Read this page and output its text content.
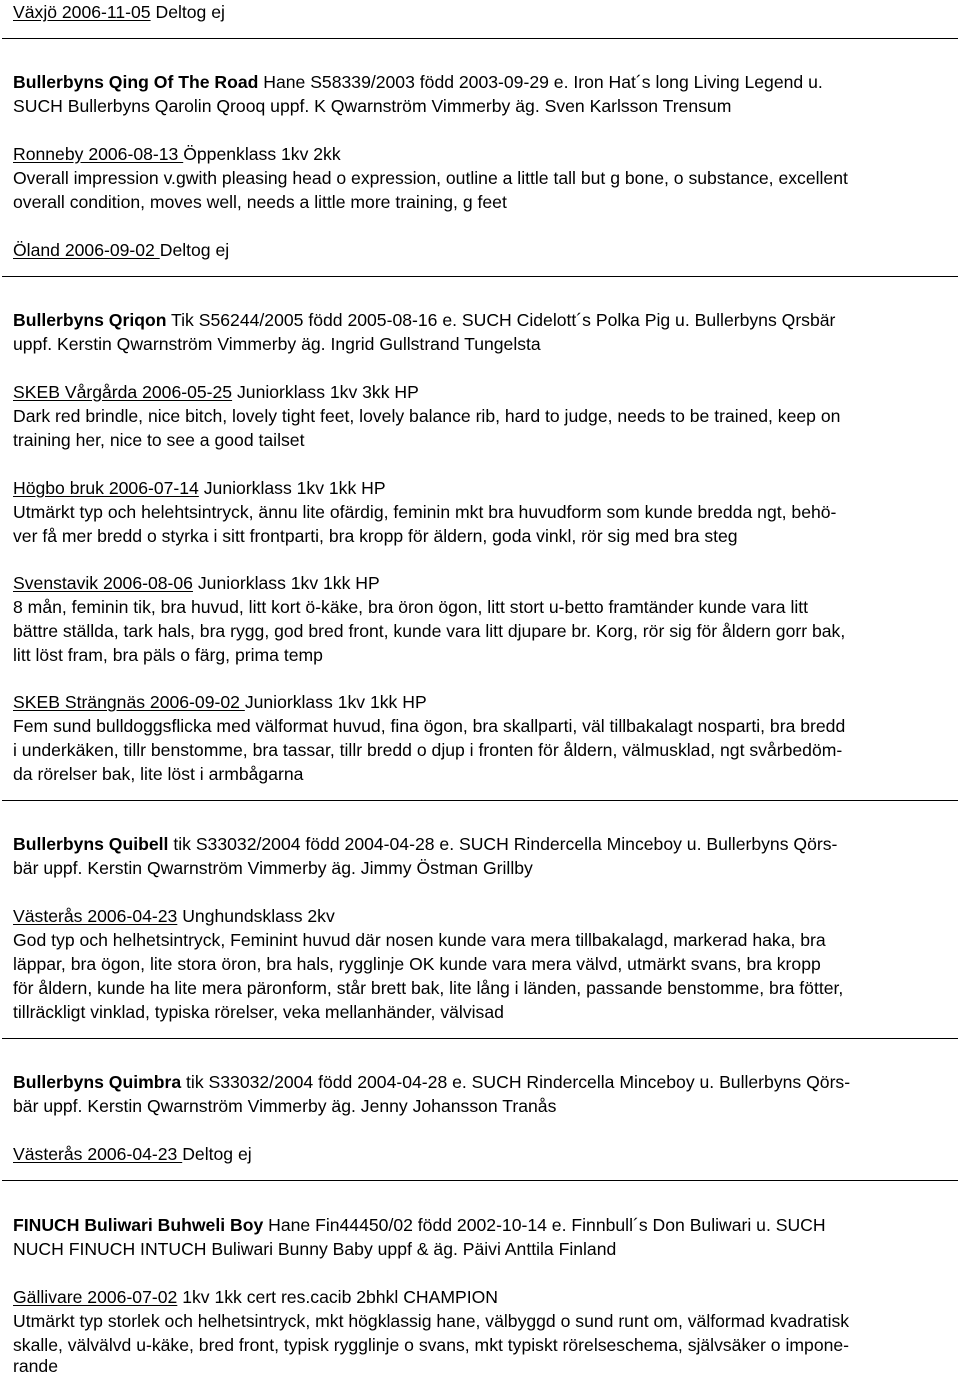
Växjö 2006-11-05 Deltog ej
Bullerbyns Qing Of The Road Hane S58339/2003 född 2003-09-29 e. Iron Hat´s long Living Legend u.
SUCH Bullerbyns Qarolin Qrooq uppf. K Qwarnström Vimmerby äg. Sven Karlsson Trensum
Ronneby 2006-08-13 Öppenklass 1kv 2kk
Overall impression v.gwith pleasing head o expression, outline a little tall but g bone, o substance, excellent
overall condition, moves well, needs a little more training, g feet
Öland 2006-09-02 Deltog ej
Bullerbyns Qriqon Tik S56244/2005 född 2005-08-16 e. SUCH Cidelott´s Polka Pig u. Bullerbyns Qrsbär
uppf. Kerstin Qwarnström Vimmerby äg. Ingrid Gullstrand Tungelsta
SKEB Vårgårda 2006-05-25 Juniorklass 1kv 3kk HP
Dark red brindle, nice bitch, lovely tight feet, lovely balance rib, hard to judge, needs to be trained, keep on
training her, nice to see a good tailset
Högbo bruk 2006-07-14 Juniorklass 1kv 1kk HP
Utmärkt typ och helehtsintryck, ännu lite ofärdig, feminin mkt bra huvudform som kunde bredda ngt, behö-
ver få mer bredd o styrka i sitt frontparti, bra kropp för äldern, goda vinkl, rör sig med bra steg
Svenstavik 2006-08-06 Juniorklass 1kv 1kk HP
8 mån, feminin tik, bra huvud, litt kort ö-käke, bra öron ögon, litt stort u-betto framtänder kunde vara litt
bättre ställda, tark hals, bra rygg, god bred front, kunde vara litt djupare br. Korg, rör sig för åldern gorr bak,
litt löst fram, bra päls o färg, prima temp
SKEB Strängnäs 2006-09-02 Juniorklass 1kv 1kk HP
Fem sund bulldoggsflicka med välformat huvud, fina ögon, bra skallparti, väl tillbakalagt nosparti, bra bredd
i underkäken, tillr benstomme, bra tassar, tillr bredd o djup i fronten för åldern, välmusklad, ngt svårbedöm-
da rörelser bak, lite löst i armbågarna
Bullerbyns Quibell tik S33032/2004 född 2004-04-28 e. SUCH Rindercella Minceboy u. Bullerbyns Qörs-
bär uppf. Kerstin Qwarnström Vimmerby äg. Jimmy Östman Grillby
Västerås 2006-04-23 Unghundsklass 2kv
God typ och helhetsintryck, Feminint huvud där nosen kunde vara mera tillbakalagd, markerad haka, bra
läppar, bra ögon, lite stora öron, bra hals, rygglinje OK kunde vara mera välvd, utmärkt svans, bra kropp
för åldern, kunde ha lite mera päronform, står brett bak, lite lång i länden, passande benstomme, bra fötter,
tillräckligt vinklad, typiska rörelser, veka mellanhänder, välvisad
Bullerbyns Quimbra tik S33032/2004 född 2004-04-28 e. SUCH Rindercella Minceboy u. Bullerbyns Qörs-
bär uppf. Kerstin Qwarnström Vimmerby äg. Jenny Johansson Tranås
Västerås 2006-04-23 Deltog ej
FINUCH Buliwari Buhweli Boy Hane Fin44450/02 född 2002-10-14 e. Finnbull´s Don Buliwari u. SUCH
NUCH FINUCH INTUCH Buliwari Bunny Baby uppf & äg. Päivi Anttila Finland
Gällivare 2006-07-02 1kv 1kk cert res.cacib 2bhkl CHAMPION
Utmärkt typ storlek och helhetsintryck, mkt högklassig hane, välbyggd o sund runt om, välformad kvadratisk
skalle, välvälvd u-käke, bred front, typisk rygglinje o svans, mkt typiskt rörelseschema, självsäker o impone-
rande
